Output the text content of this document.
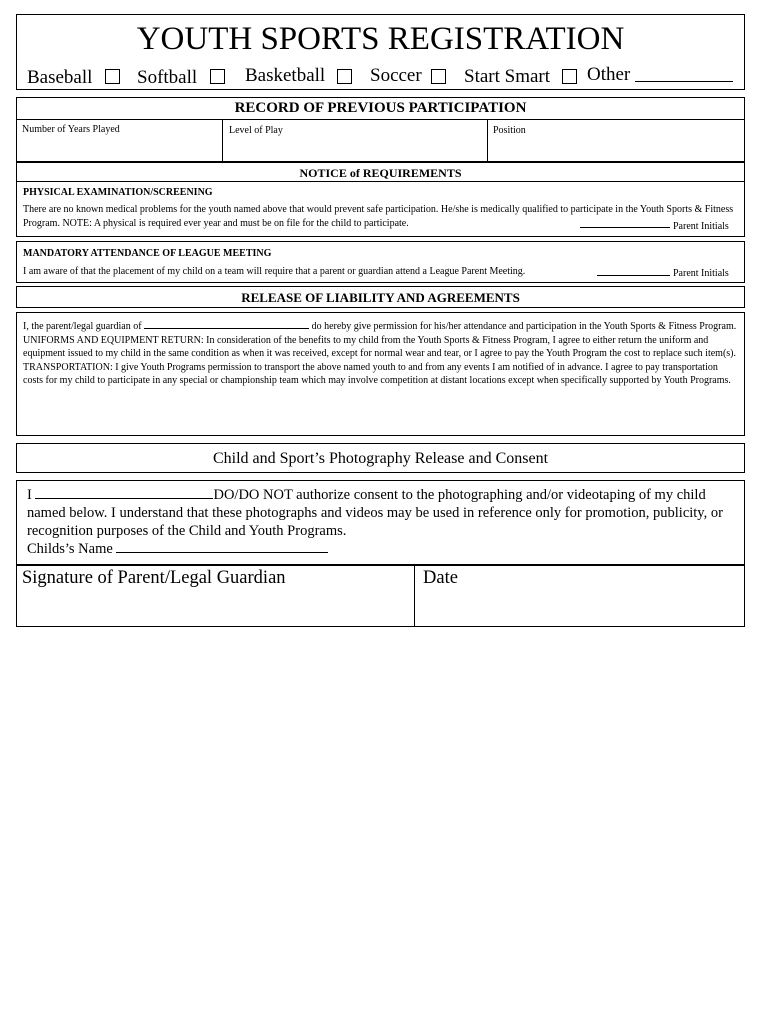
YOUTH SPORTS REGISTRATION
Baseball Softball	Basketball Soccer Start Smart Other
RECORD OF PREVIOUS PARTICIPATION
Number of Years Played	Level of Play	Position
NOTICE of REQUIREMENTS
PHYSICAL EXAMINATION/SCREENING
There are no known medical problems for the youth named above that would prevent safe participation. He/she is medically qualified to participate in the Youth Sports & Fitness Program. NOTE: A physical is required ever year and must be on file for the child to participate.	Parent Initials
MANDATORY ATTENDANCE OF LEAGUE MEETING
I am aware of that the placement of my child on a team will require that a parent or guardian attend a League Parent Meeting.	Parent Initials
RELEASE OF LIABILITY AND AGREEMENTS
I, the parent/legal guardian of	do hereby give permission for his/her attendance and participation in the Youth Sports & Fitness Program.
UNIFORMS AND EQUIPMENT RETURN: In consideration of the benefits to my child from the Youth Sports & Fitness Program, I agree to either return the uniform and equipment issued to my child in the same condition as when it was received, except for normal wear and tear, or I agree to pay the Youth Program the cost to replace such item(s).
TRANSPORTATION: I give Youth Programs permission to transport the above named youth to and from any events I am notified of in advance. I agree to pay transportation costs for my child to participate in any special or championship team which may involve competition at distant locations except when specifically supported by Youth Programs.
Child and Sport’s Photography Release and Consent
I	DO/DO NOT authorize consent to the photographing and/or videotaping of my child
named below. I understand that these photographs and videos may be used in reference only for promotion, publicity, or recognition purposes of the Child and Youth Programs.
Childs’s Name
Signature of Parent/Legal Guardian	Date
